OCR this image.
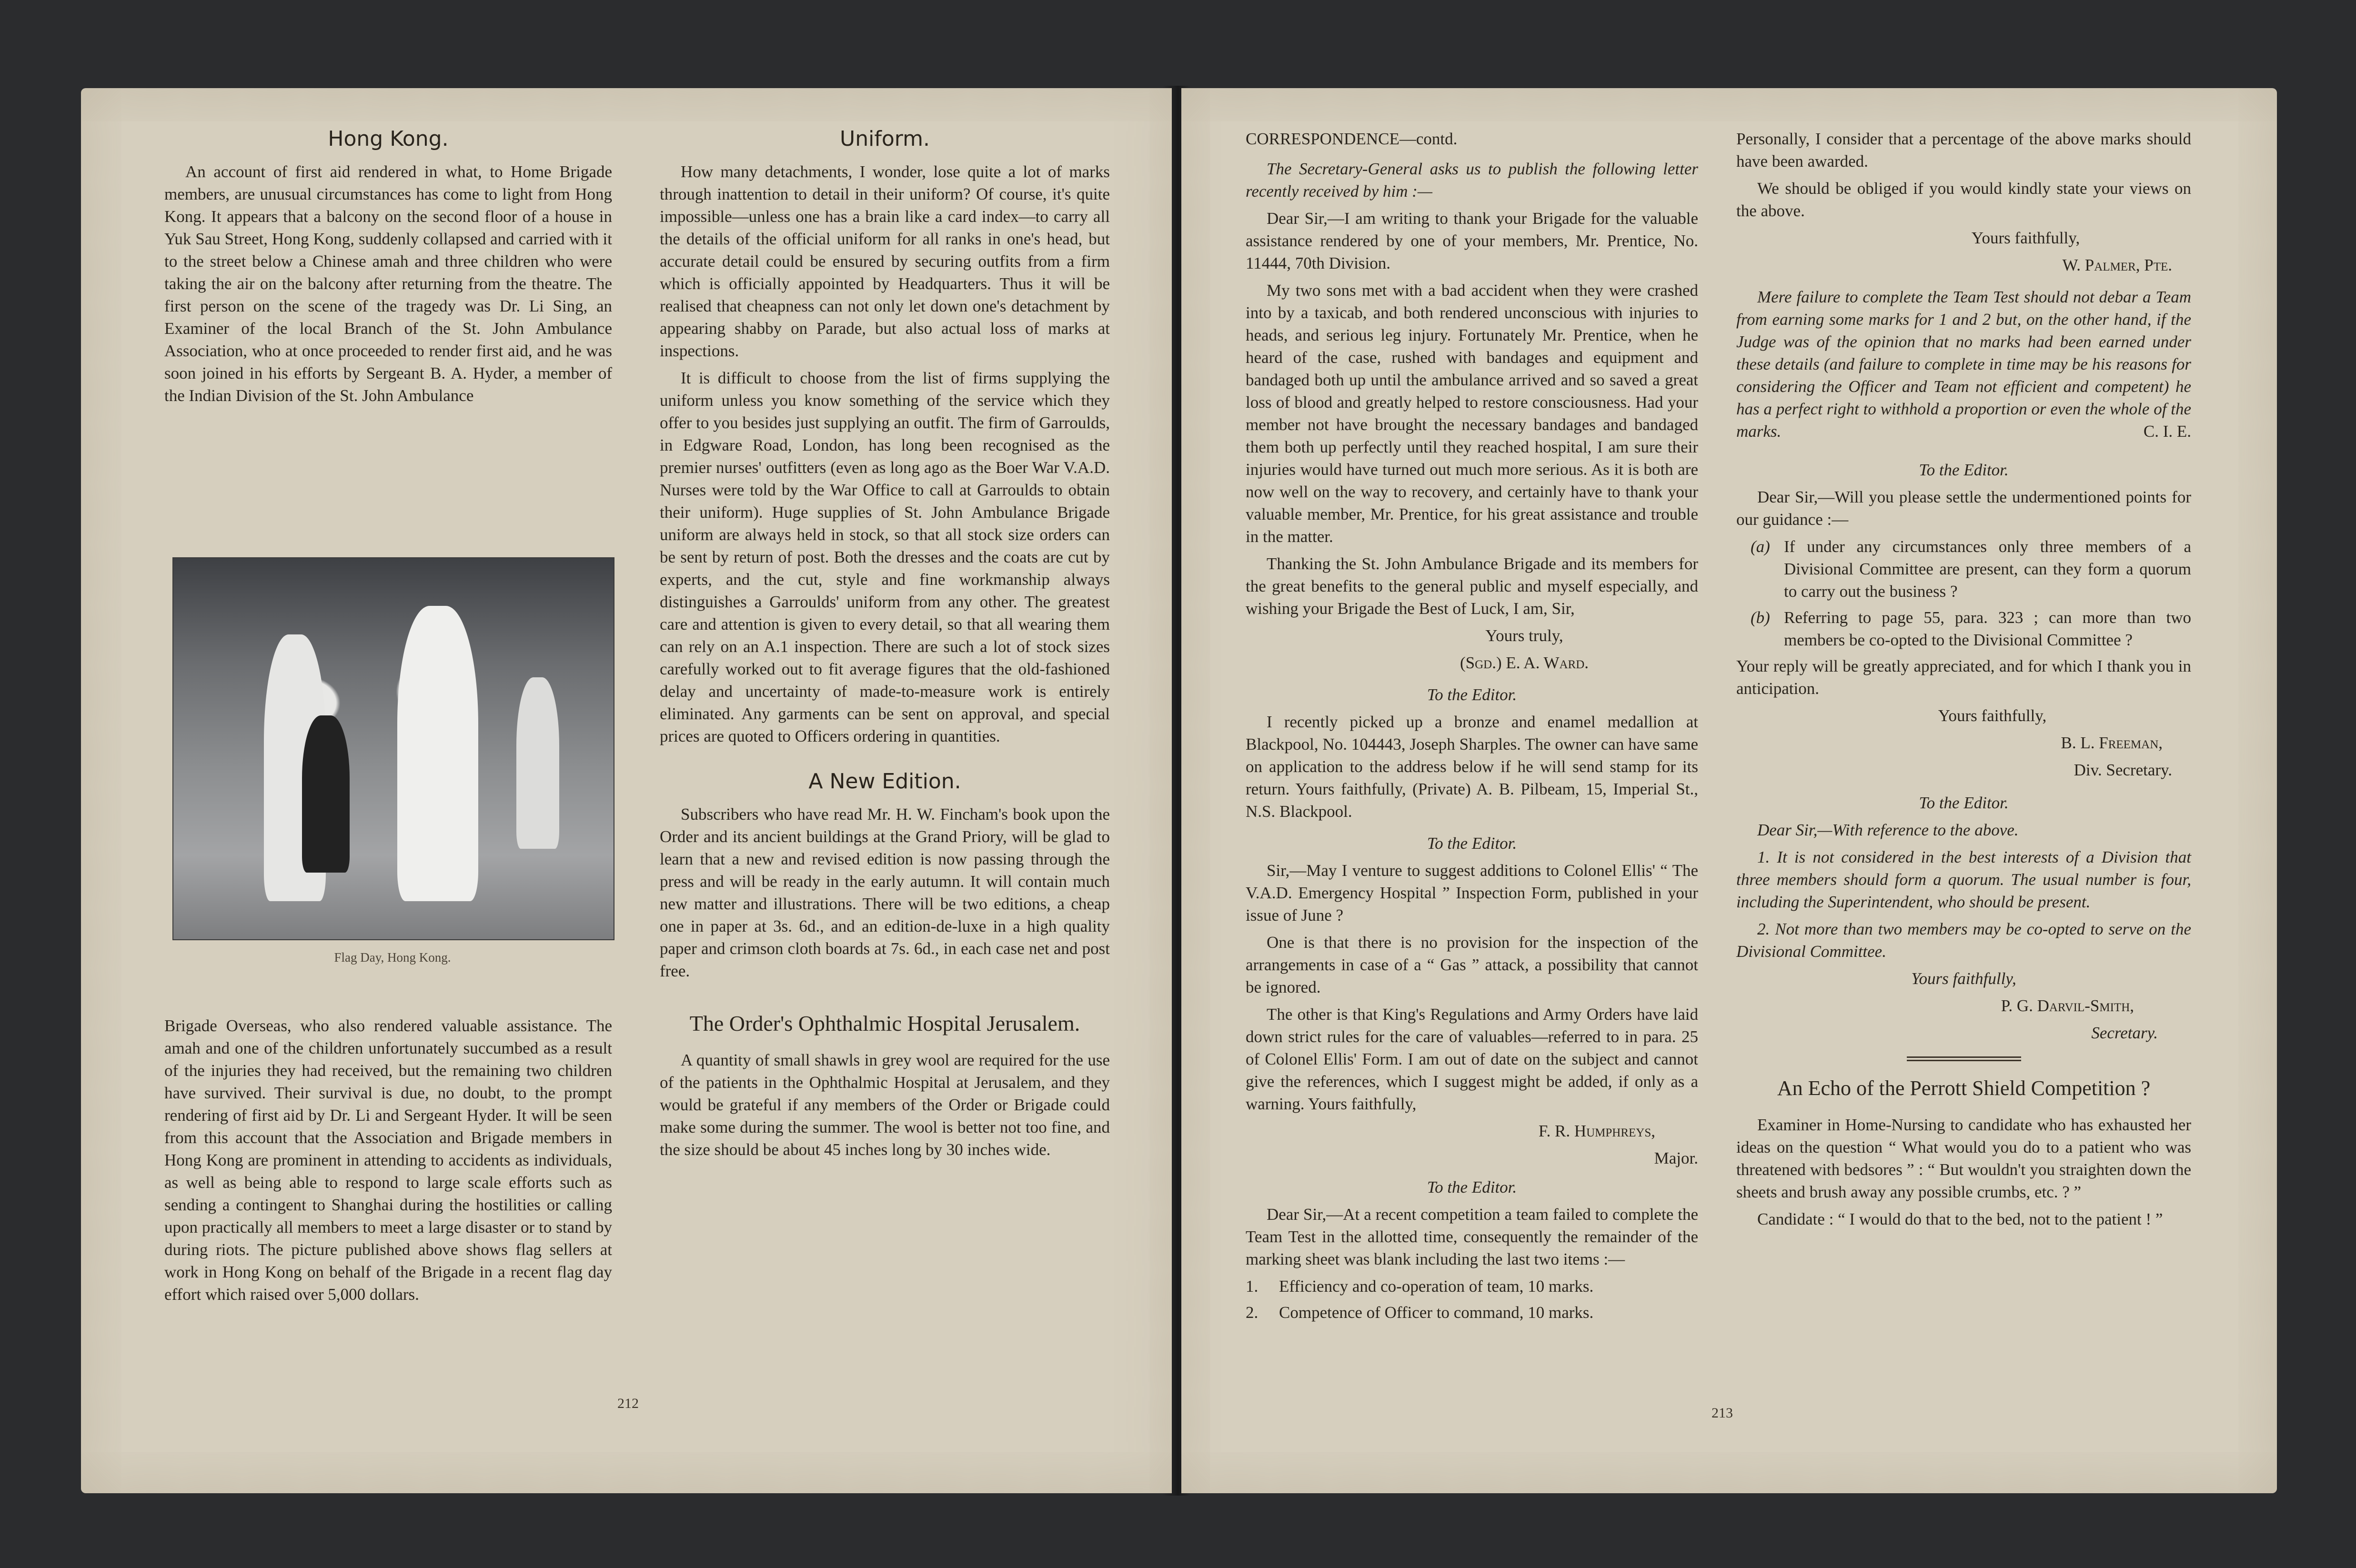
Hong Kong.

An account of first aid rendered in what, to Home Brigade members, are unusual circumstances has come to light from Hong Kong. It appears that a balcony on the second floor of a house in Yuk Sau Street, Hong Kong, suddenly collapsed and carried with it to the street below a Chinese amah and three children who were taking the air on the balcony after returning from the theatre. The first person on the scene of the tragedy was Dr. Li Sing, an Examiner of the local Branch of the St. John Ambulance Association, who at once proceeded to render first aid, and he was soon joined in his efforts by Sergeant B. A. Hyder, a member of the Indian Division of the St. John Ambulance

Flag Day, Hong Kong.

Brigade Overseas, who also rendered valuable assistance. The amah and one of the children unfortunately succumbed as a result of the injuries they had received, but the remaining two children have survived. Their survival is due, no doubt, to the prompt rendering of first aid by Dr. Li and Sergeant Hyder. It will be seen from this account that the Association and Brigade members in Hong Kong are prominent in attending to accidents as individuals, as well as being able to respond to large scale efforts such as sending a contingent to Shanghai during the hostilities or calling upon practically all members to meet a large disaster or to stand by during riots. The picture published above shows flag sellers at work in Hong Kong on behalf of the Brigade in a recent flag day effort which raised over 5,000 dollars.

Uniform.

How many detachments, I wonder, lose quite a lot of marks through inattention to detail in their uniform? Of course, it's quite impossible—unless one has a brain like a card index—to carry all the details of the official uniform for all ranks in one's head, but accurate detail could be ensured by securing outfits from a firm which is officially appointed by Headquarters. Thus it will be realised that cheapness can not only let down one's detachment by appearing shabby on Parade, but also actual loss of marks at inspections.

It is difficult to choose from the list of firms supplying the uniform unless you know something of the service which they offer to you besides just supplying an outfit. The firm of Garroulds, in Edgware Road, London, has long been recognised as the premier nurses' outfitters (even as long ago as the Boer War V.A.D. Nurses were told by the War Office to call at Garroulds to obtain their uniform). Huge supplies of St. John Ambulance Brigade uniform are always held in stock, so that all stock size orders can be sent by return of post. Both the dresses and the coats are cut by experts, and the cut, style and fine workmanship always distinguishes a Garroulds' uniform from any other. The greatest care and attention is given to every detail, so that all wearing them can rely on an A.1 inspection. There are such a lot of stock sizes carefully worked out to fit average figures that the old-fashioned delay and uncertainty of made-to-measure work is entirely eliminated. Any garments can be sent on approval, and special prices are quoted to Officers ordering in quantities.

A New Edition.

Subscribers who have read Mr. H. W. Fincham's book upon the Order and its ancient buildings at the Grand Priory, will be glad to learn that a new and revised edition is now passing through the press and will be ready in the early autumn. It will contain much new matter and illustrations. There will be two editions, a cheap one in paper at 3s. 6d., and an edition-de-luxe in a high quality paper and crimson cloth boards at 7s. 6d., in each case net and post free.

The Order's Ophthalmic Hospital Jerusalem.

A quantity of small shawls in grey wool are required for the use of the patients in the Ophthalmic Hospital at Jerusalem, and they would be grateful if any members of the Order or Brigade could make some during the summer. The wool is better not too fine, and the size should be about 45 inches long by 30 inches wide.

212
CORRESPONDENCE—contd.

The Secretary-General asks us to publish the following letter recently received by him :—

Dear Sir,—I am writing to thank your Brigade for the valuable assistance rendered by one of your members, Mr. Prentice, No. 11444, 70th Division.

My two sons met with a bad accident when they were crashed into by a taxicab, and both rendered unconscious with injuries to heads, and serious leg injury. Fortunately Mr. Prentice, when he heard of the case, rushed with bandages and equipment and bandaged both up until the ambulance arrived and so saved a great loss of blood and greatly helped to restore consciousness. Had your member not have brought the necessary bandages and bandaged them both up perfectly until they reached hospital, I am sure their injuries would have turned out much more serious. As it is both are now well on the way to recovery, and certainly have to thank your valuable member, Mr. Prentice, for his great assistance and trouble in the matter.

Thanking the St. John Ambulance Brigade and its members for the great benefits to the general public and myself especially, and wishing your Brigade the Best of Luck, I am, Sir,

Yours truly,

(Sgd.) E. A. Ward.

To the Editor.

I recently picked up a bronze and enamel medallion at Blackpool, No. 104443, Joseph Sharples. The owner can have same on application to the address below if he will send stamp for its return. Yours faithfully, (Private) A. B. Pilbeam, 15, Imperial St., N.S. Blackpool.

To the Editor.

Sir,—May I venture to suggest additions to Colonel Ellis' “ The V.A.D. Emergency Hospital ” Inspection Form, published in your issue of June ?

One is that there is no provision for the inspection of the arrangements in case of a “ Gas ” attack, a possibility that cannot be ignored.

The other is that King's Regulations and Army Orders have laid down strict rules for the care of valuables—referred to in para. 25 of Colonel Ellis' Form. I am out of date on the subject and cannot give the references, which I suggest might be added, if only as a warning. Yours faithfully,

F. R. Humphreys,

Major.

To the Editor.

Dear Sir,—At a recent competition a team failed to complete the Team Test in the allotted time, consequently the remainder of the marking sheet was blank including the last two items :—

1.	Efficiency and co-operation of team, 10 marks.
2.	Competence of Officer to command, 10 marks.
213

Personally, I consider that a percentage of the above marks should have been awarded.

We should be obliged if you would kindly state your views on the above.

Yours faithfully,

W. Palmer, Pte.

Mere failure to complete the Team Test should not debar a Team from earning some marks for 1 and 2 but, on the other hand, if the Judge was of the opinion that no marks had been earned under these details (and failure to complete in time may be his reasons for considering the Officer and Team not efficient and competent) he has a perfect right to withhold a proportion or even the whole of the marks.	C. I. E.

To the Editor.

Dear Sir,—Will you please settle the undermentioned points for our guidance :—

(a) If under any circumstances only three members of a Divisional Committee are present, can they form a quorum to carry out the business ?
(b) Referring to page 55, para. 323 ; can more than two members be co-opted to the Divisional Committee ?

Your reply will be greatly appreciated, and for which I thank you in anticipation.

Yours faithfully,

B. L. Freeman,

Div. Secretary.

To the Editor.

Dear Sir,—With reference to the above.

1. It is not considered in the best interests of a Division that three members should form a quorum. The usual number is four, including the Superintendent, who should be present.

2. Not more than two members may be co-opted to serve on the Divisional Committee.

Yours faithfully,

P. G. Darvil-Smith,

Secretary.

An Echo of the Perrott Shield Competition ?

Examiner in Home-Nursing to candidate who has exhausted her ideas on the question “ What would you do to a patient who was threatened with bedsores ” : “ But wouldn't you straighten down the sheets and brush away any possible crumbs, etc. ? ”

Candidate : “ I would do that to the bed, not to the patient ! ”
